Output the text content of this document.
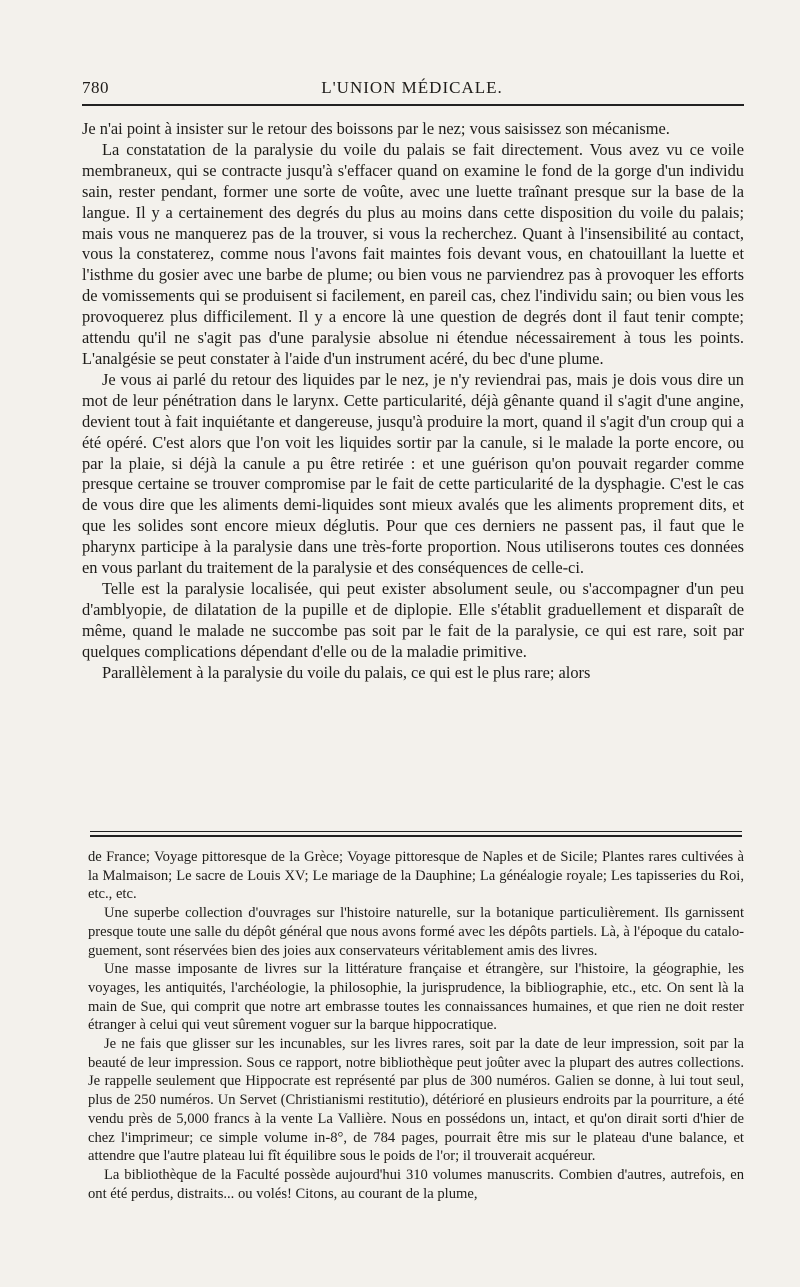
780	L'UNION MÉDICALE.

Je n'ai point à insister sur le retour des boissons par le nez; vous saisissez son mécanisme.

La constatation de la paralysie du voile du palais se fait directement. Vous avez vu ce voile membraneux, qui se contracte jusqu'à s'effacer quand on examine le fond de la gorge d'un individu sain, rester pendant, former une sorte de voûte, avec une luette traînant presque sur la base de la langue. Il y a certainement des degrés du plus au moins dans cette disposition du voile du palais; mais vous ne manquerez pas de la trouver, si vous la recherchez. Quant à l'insensibilité au contact, vous la constaterez, comme nous l'avons fait maintes fois devant vous, en chatouillant la luette et l'isthme du gosier avec une barbe de plume; ou bien vous ne parviendrez pas à provoquer les efforts de vomissements qui se produisent si facilement, en pareil cas, chez l'individu sain; ou bien vous les provoquerez plus difficilement. Il y a encore là une question de degrés dont il faut tenir compte; attendu qu'il ne s'agit pas d'une paralysie absolue ni étendue nécessairement à tous les points. L'analgésie se peut constater à l'aide d'un instrument acéré, du bec d'une plume.

Je vous ai parlé du retour des liquides par le nez, je n'y reviendrai pas, mais je dois vous dire un mot de leur pénétration dans le larynx. Cette particularité, déjà gênante quand il s'agit d'une angine, devient tout à fait inquiétante et dangereuse, jusqu'à produire la mort, quand il s'agit d'un croup qui a été opéré. C'est alors que l'on voit les liquides sortir par la canule, si le malade la porte encore, ou par la plaie, si déjà la canule a pu être retirée : et une guérison qu'on pouvait regarder comme presque certaine se trouver compromise par le fait de cette particularité de la dysphagie. C'est le cas de vous dire que les aliments demi-liquides sont mieux avalés que les aliments proprement dits, et que les solides sont encore mieux déglutis. Pour que ces derniers ne passent pas, il faut que le pharynx participe à la paralysie dans une très-forte proportion. Nous utiliserons toutes ces données en vous parlant du traitement de la paralysie et des conséquences de celle-ci.

Telle est la paralysie localisée, qui peut exister absolument seule, ou s'accompagner d'un peu d'amblyopie, de dilatation de la pupille et de diplopie. Elle s'établit graduellement et disparaît de même, quand le malade ne succombe pas soit par le fait de la paralysie, ce qui est rare, soit par quelques complications dépendant d'elle ou de la maladie primitive.

Parallèlement à la paralysie du voile du palais, ce qui est le plus rare; alors

de France; Voyage pittoresque de la Grèce; Voyage pittoresque de Naples et de Sicile; Plantes rares cultivées à la Malmaison; Le sacre de Louis XV; Le mariage de la Dauphine; La généalogie royale; Les tapisseries du Roi, etc., etc.

Une superbe collection d'ouvrages sur l'histoire naturelle, sur la botanique particulièrement. Ils garnissent presque toute une salle du dépôt général que nous avons formé avec les dépôts partiels. Là, à l'époque du cataloguement, sont réservées bien des joies aux conservateurs véritablement amis des livres.

Une masse imposante de livres sur la littérature française et étrangère, sur l'histoire, la géographie, les voyages, les antiquités, l'archéologie, la philosophie, la jurisprudence, la bibliographie, etc., etc. On sent là la main de Sue, qui comprit que notre art embrasse toutes les connaissances humaines, et que rien ne doit rester étranger à celui qui veut sûrement voguer sur la barque hippocratique.

Je ne fais que glisser sur les incunables, sur les livres rares, soit par la date de leur impression, soit par la beauté de leur impression. Sous ce rapport, notre bibliothèque peut joûter avec la plupart des autres collections. Je rappelle seulement que Hippocrate est représenté par plus de 300 numéros. Galien se donne, à lui tout seul, plus de 250 numéros. Un Servet (Christianismi restitutio), détérioré en plusieurs endroits par la pourriture, a été vendu près de 5,000 francs à la vente La Vallière. Nous en possédons un, intact, et qu'on dirait sorti d'hier de chez l'imprimeur; ce simple volume in-8°, de 784 pages, pourrait être mis sur le plateau d'une balance, et attendre que l'autre plateau lui fît équilibre sous le poids de l'or; il trouverait acquéreur.

La bibliothèque de la Faculté possède aujourd'hui 310 volumes manuscrits. Combien d'autres, autrefois, en ont été perdus, distraits... ou volés! Citons, au courant de la plume,
